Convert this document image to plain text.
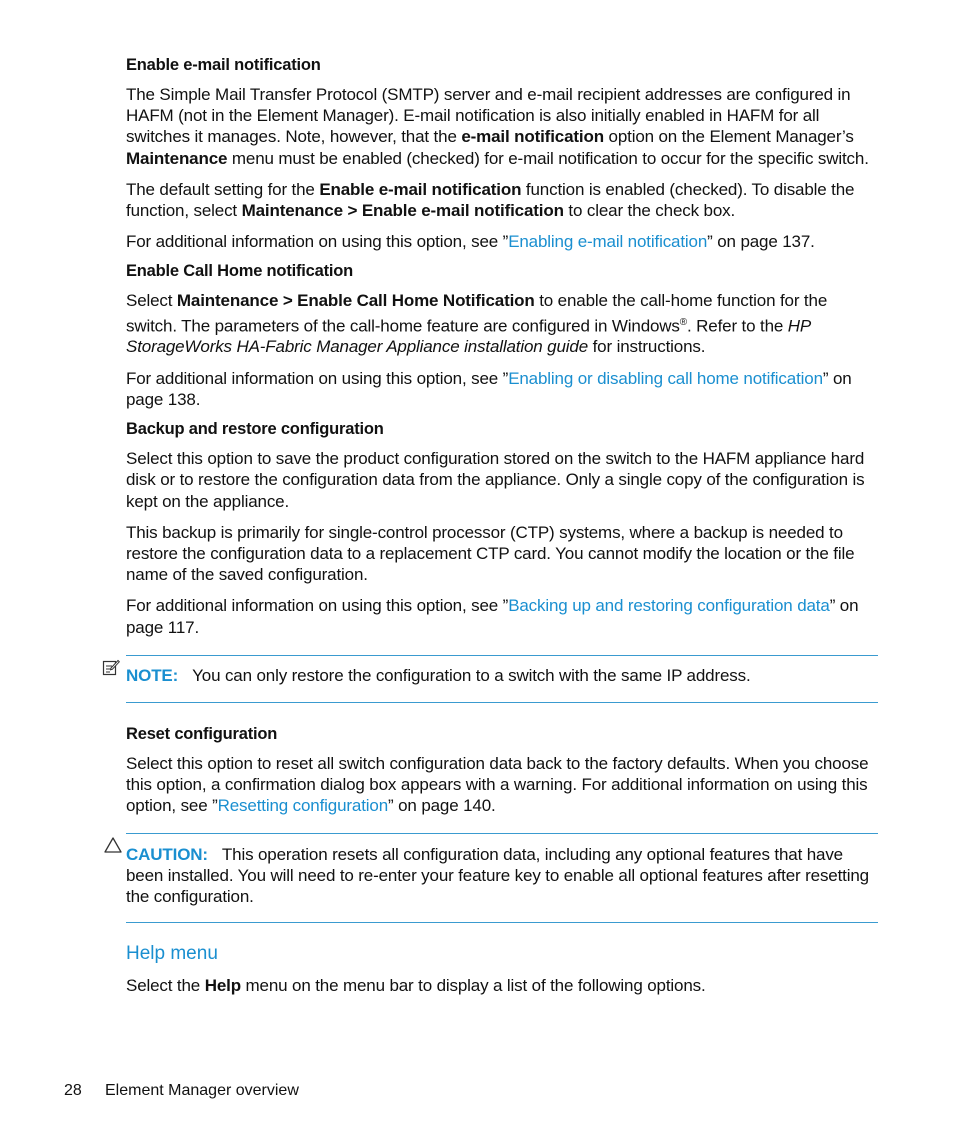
Enable e-mail notification

The Simple Mail Transfer Protocol (SMTP) server and e-mail recipient addresses are configured in HAFM (not in the Element Manager). E-mail notification is also initially enabled in HAFM for all switches it manages. Note, however, that the e-mail notification option on the Element Manager’s Maintenance menu must be enabled (checked) for e-mail notification to occur for the specific switch.

The default setting for the Enable e-mail notification function is enabled (checked). To disable the function, select Maintenance > Enable e-mail notification to clear the check box.

For additional information on using this option, see ”Enabling e-mail notification” on page 137.

Enable Call Home notification

Select Maintenance > Enable Call Home Notification to enable the call-home function for the switch. The parameters of the call-home feature are configured in Windows®. Refer to the HP StorageWorks HA-Fabric Manager Appliance installation guide for instructions.

For additional information on using this option, see ”Enabling or disabling call home notification” on page 138.

Backup and restore configuration

Select this option to save the product configuration stored on the switch to the HAFM appliance hard disk or to restore the configuration data from the appliance. Only a single copy of the configuration is kept on the appliance.

This backup is primarily for single-control processor (CTP) systems, where a backup is needed to restore the configuration data to a replacement CTP card. You cannot modify the location or the file name of the saved configuration.

For additional information on using this option, see ”Backing up and restoring configuration data” on page 117.

NOTE: You can only restore the configuration to a switch with the same IP address.

Reset configuration

Select this option to reset all switch configuration data back to the factory defaults. When you choose this option, a confirmation dialog box appears with a warning. For additional information on using this option, see ”Resetting configuration” on page 140.

CAUTION: This operation resets all configuration data, including any optional features that have been installed. You will need to re-enter your feature key to enable all optional features after resetting the configuration.

Help menu

Select the Help menu on the menu bar to display a list of the following options.

28 Element Manager overview
